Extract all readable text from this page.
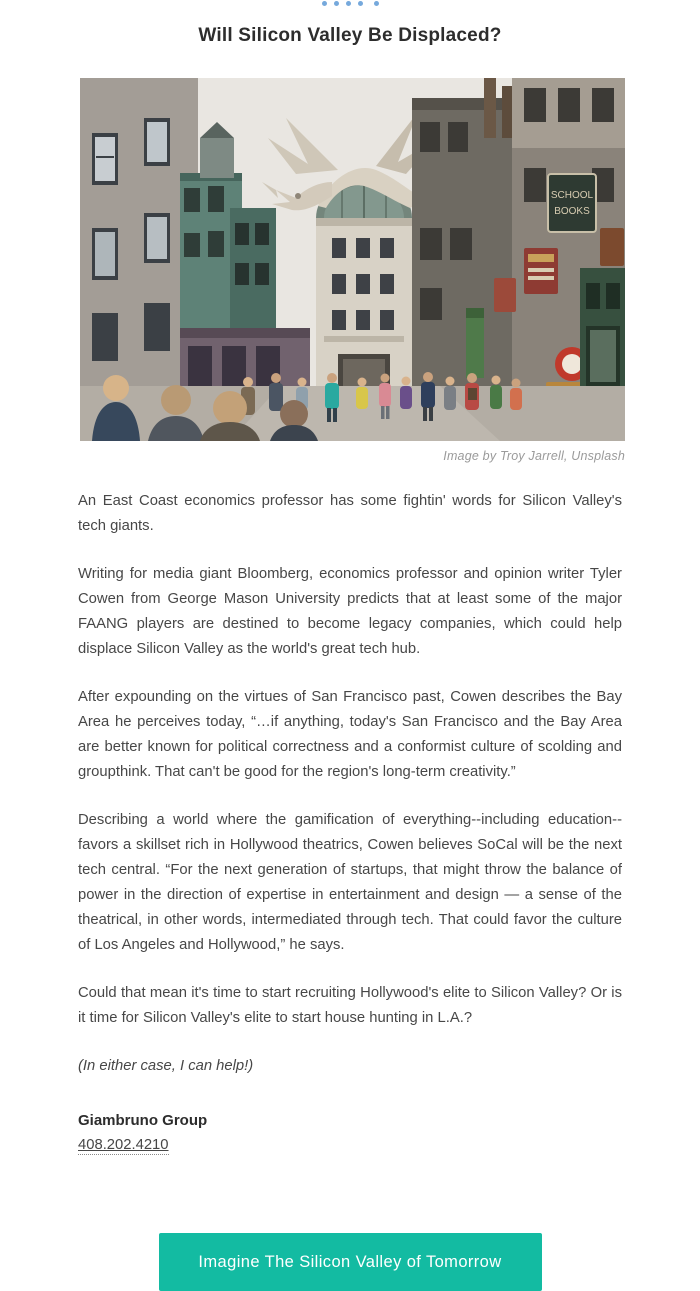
Will Silicon Valley Be Displaced?
SCHOOL
BOOKS
Image by Troy Jarrell, Unsplash

An East Coast economics professor has some fightin' words for Silicon Valley's tech giants.

Writing for media giant Bloomberg, economics professor and opinion writer Tyler Cowen from George Mason University predicts that at least some of the major FAANG players are destined to become legacy companies, which could help displace Silicon Valley as the world's great tech hub.

After expounding on the virtues of San Francisco past, Cowen describes the Bay Area he perceives today, “…if anything, today's San Francisco and the Bay Area are better known for political correctness and a conformist culture of scolding and groupthink. That can't be good for the region's long-term creativity.”

Describing a world where the gamification of everything--including education--favors a skillset rich in Hollywood theatrics, Cowen believes SoCal will be the next tech central. “For the next generation of startups, that might throw the balance of power in the direction of expertise in entertainment and design — a sense of the theatrical, in other words, intermediated through tech. That could favor the culture of Los Angeles and Hollywood,” he says.

Could that mean it's time to start recruiting Hollywood's elite to Silicon Valley? Or is it time for Silicon Valley's elite to start house hunting in L.A.?

(In either case, I can help!)

Giambruno Group

408.202.4210
Imagine The Silicon Valley of Tomorrow
